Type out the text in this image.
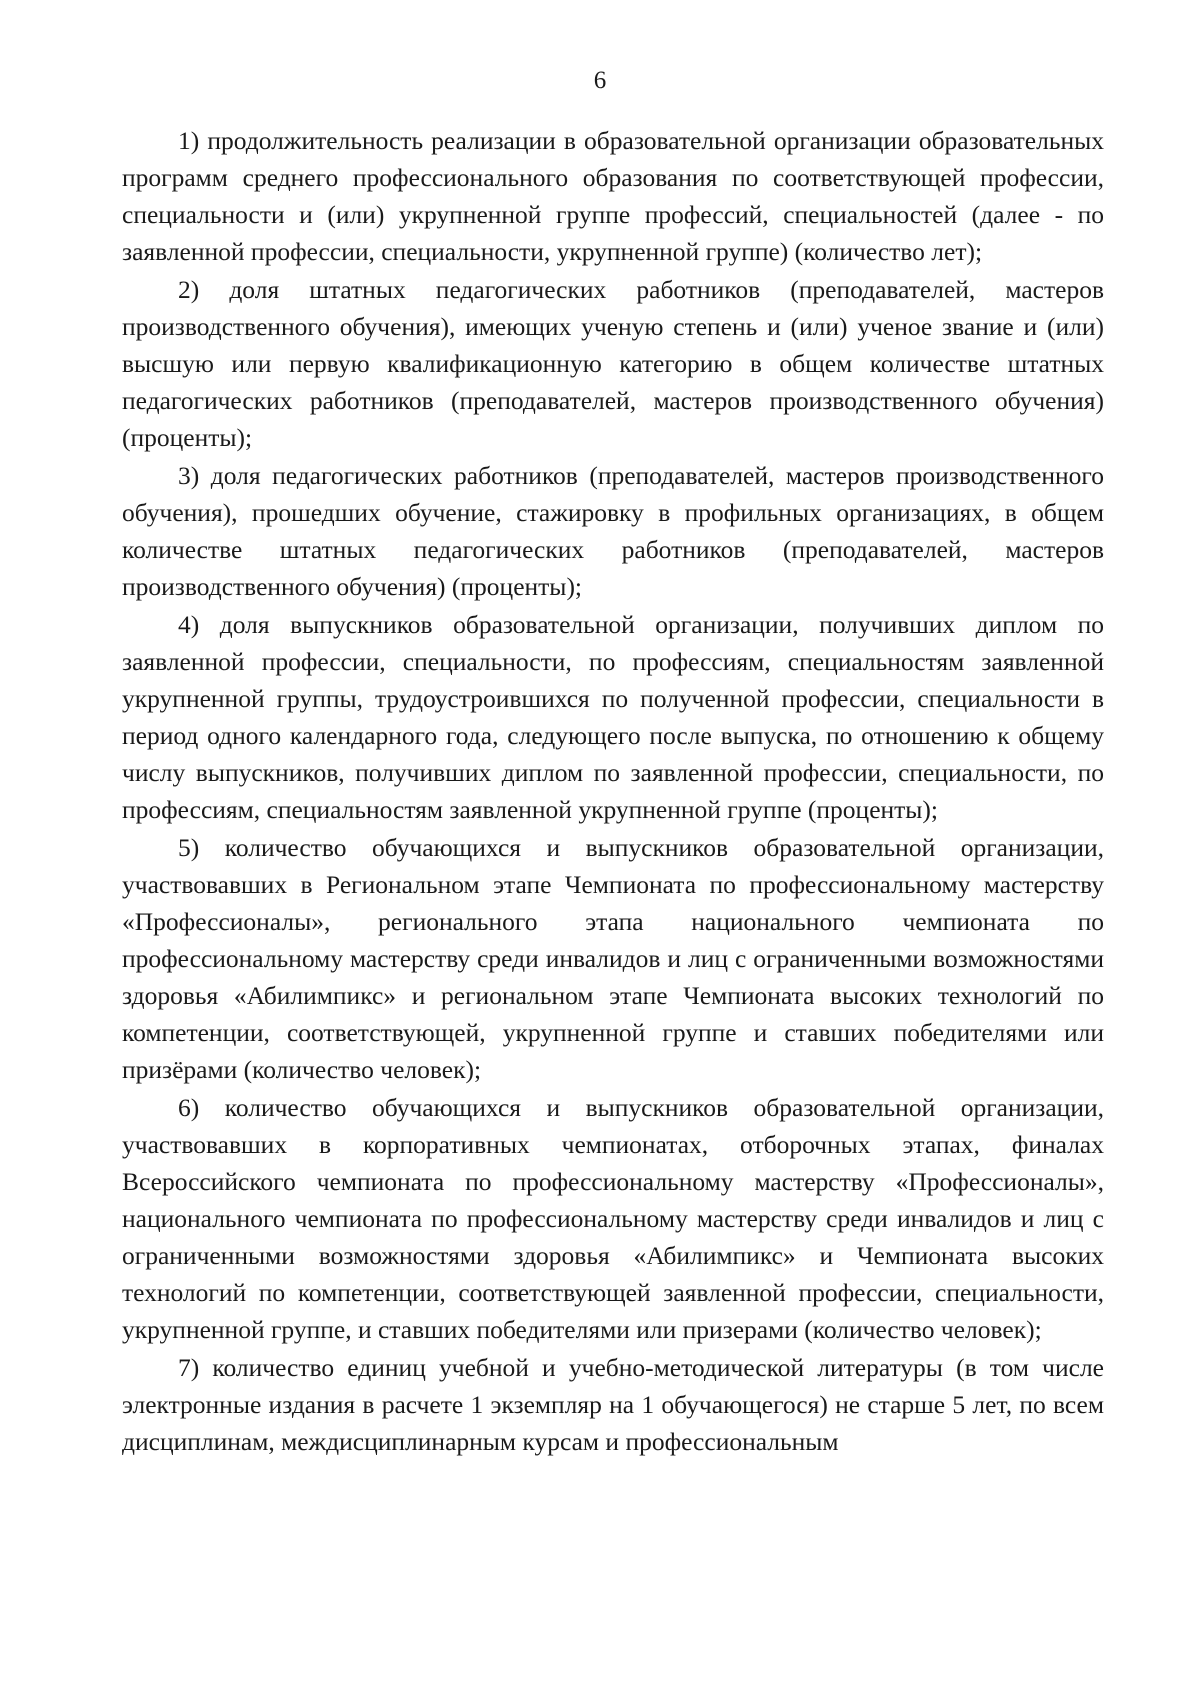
6

1) продолжительность реализации в образовательной организации образовательных программ среднего профессионального образования по соответствующей профессии, специальности и (или) укрупненной группе профессий, специальностей (далее - по заявленной профессии, специальности, укрупненной группе) (количество лет);

2) доля штатных педагогических работников (преподавателей, мастеров производственного обучения), имеющих ученую степень и (или) ученое звание и (или) высшую или первую квалификационную категорию в общем количестве штатных педагогических работников (преподавателей, мастеров производственного обучения) (проценты);

3) доля педагогических работников (преподавателей, мастеров производственного обучения), прошедших обучение, стажировку в профильных организациях, в общем количестве штатных педагогических работников (преподавателей, мастеров производственного обучения) (проценты);

4) доля выпускников образовательной организации, получивших диплом по заявленной профессии, специальности, по профессиям, специальностям заявленной укрупненной группы, трудоустроившихся по полученной профессии, специальности в период одного календарного года, следующего после выпуска, по отношению к общему числу выпускников, получивших диплом по заявленной профессии, специальности, по профессиям, специальностям заявленной укрупненной группе (проценты);

5) количество обучающихся и выпускников образовательной организации, участвовавших в Региональном этапе Чемпионата по профессиональному мастерству «Профессионалы», регионального этапа национального чемпионата по профессиональному мастерству среди инвалидов и лиц с ограниченными возможностями здоровья «Абилимпикс» и региональном этапе Чемпионата высоких технологий по компетенции, соответствующей, укрупненной группе и ставших победителями или призёрами (количество человек);

6) количество обучающихся и выпускников образовательной организации, участвовавших в корпоративных чемпионатах, отборочных этапах, финалах Всероссийского чемпионата по профессиональному мастерству «Профессионалы», национального чемпионата по профессиональному мастерству среди инвалидов и лиц с ограниченными возможностями здоровья «Абилимпикс» и Чемпионата высоких технологий по компетенции, соответствующей заявленной профессии, специальности, укрупненной группе, и ставших победителями или призерами (количество человек);

7) количество единиц учебной и учебно-методической литературы (в том числе электронные издания в расчете 1 экземпляр на 1 обучающегося) не старше 5 лет, по всем дисциплинам, междисциплинарным курсам и профессиональным
